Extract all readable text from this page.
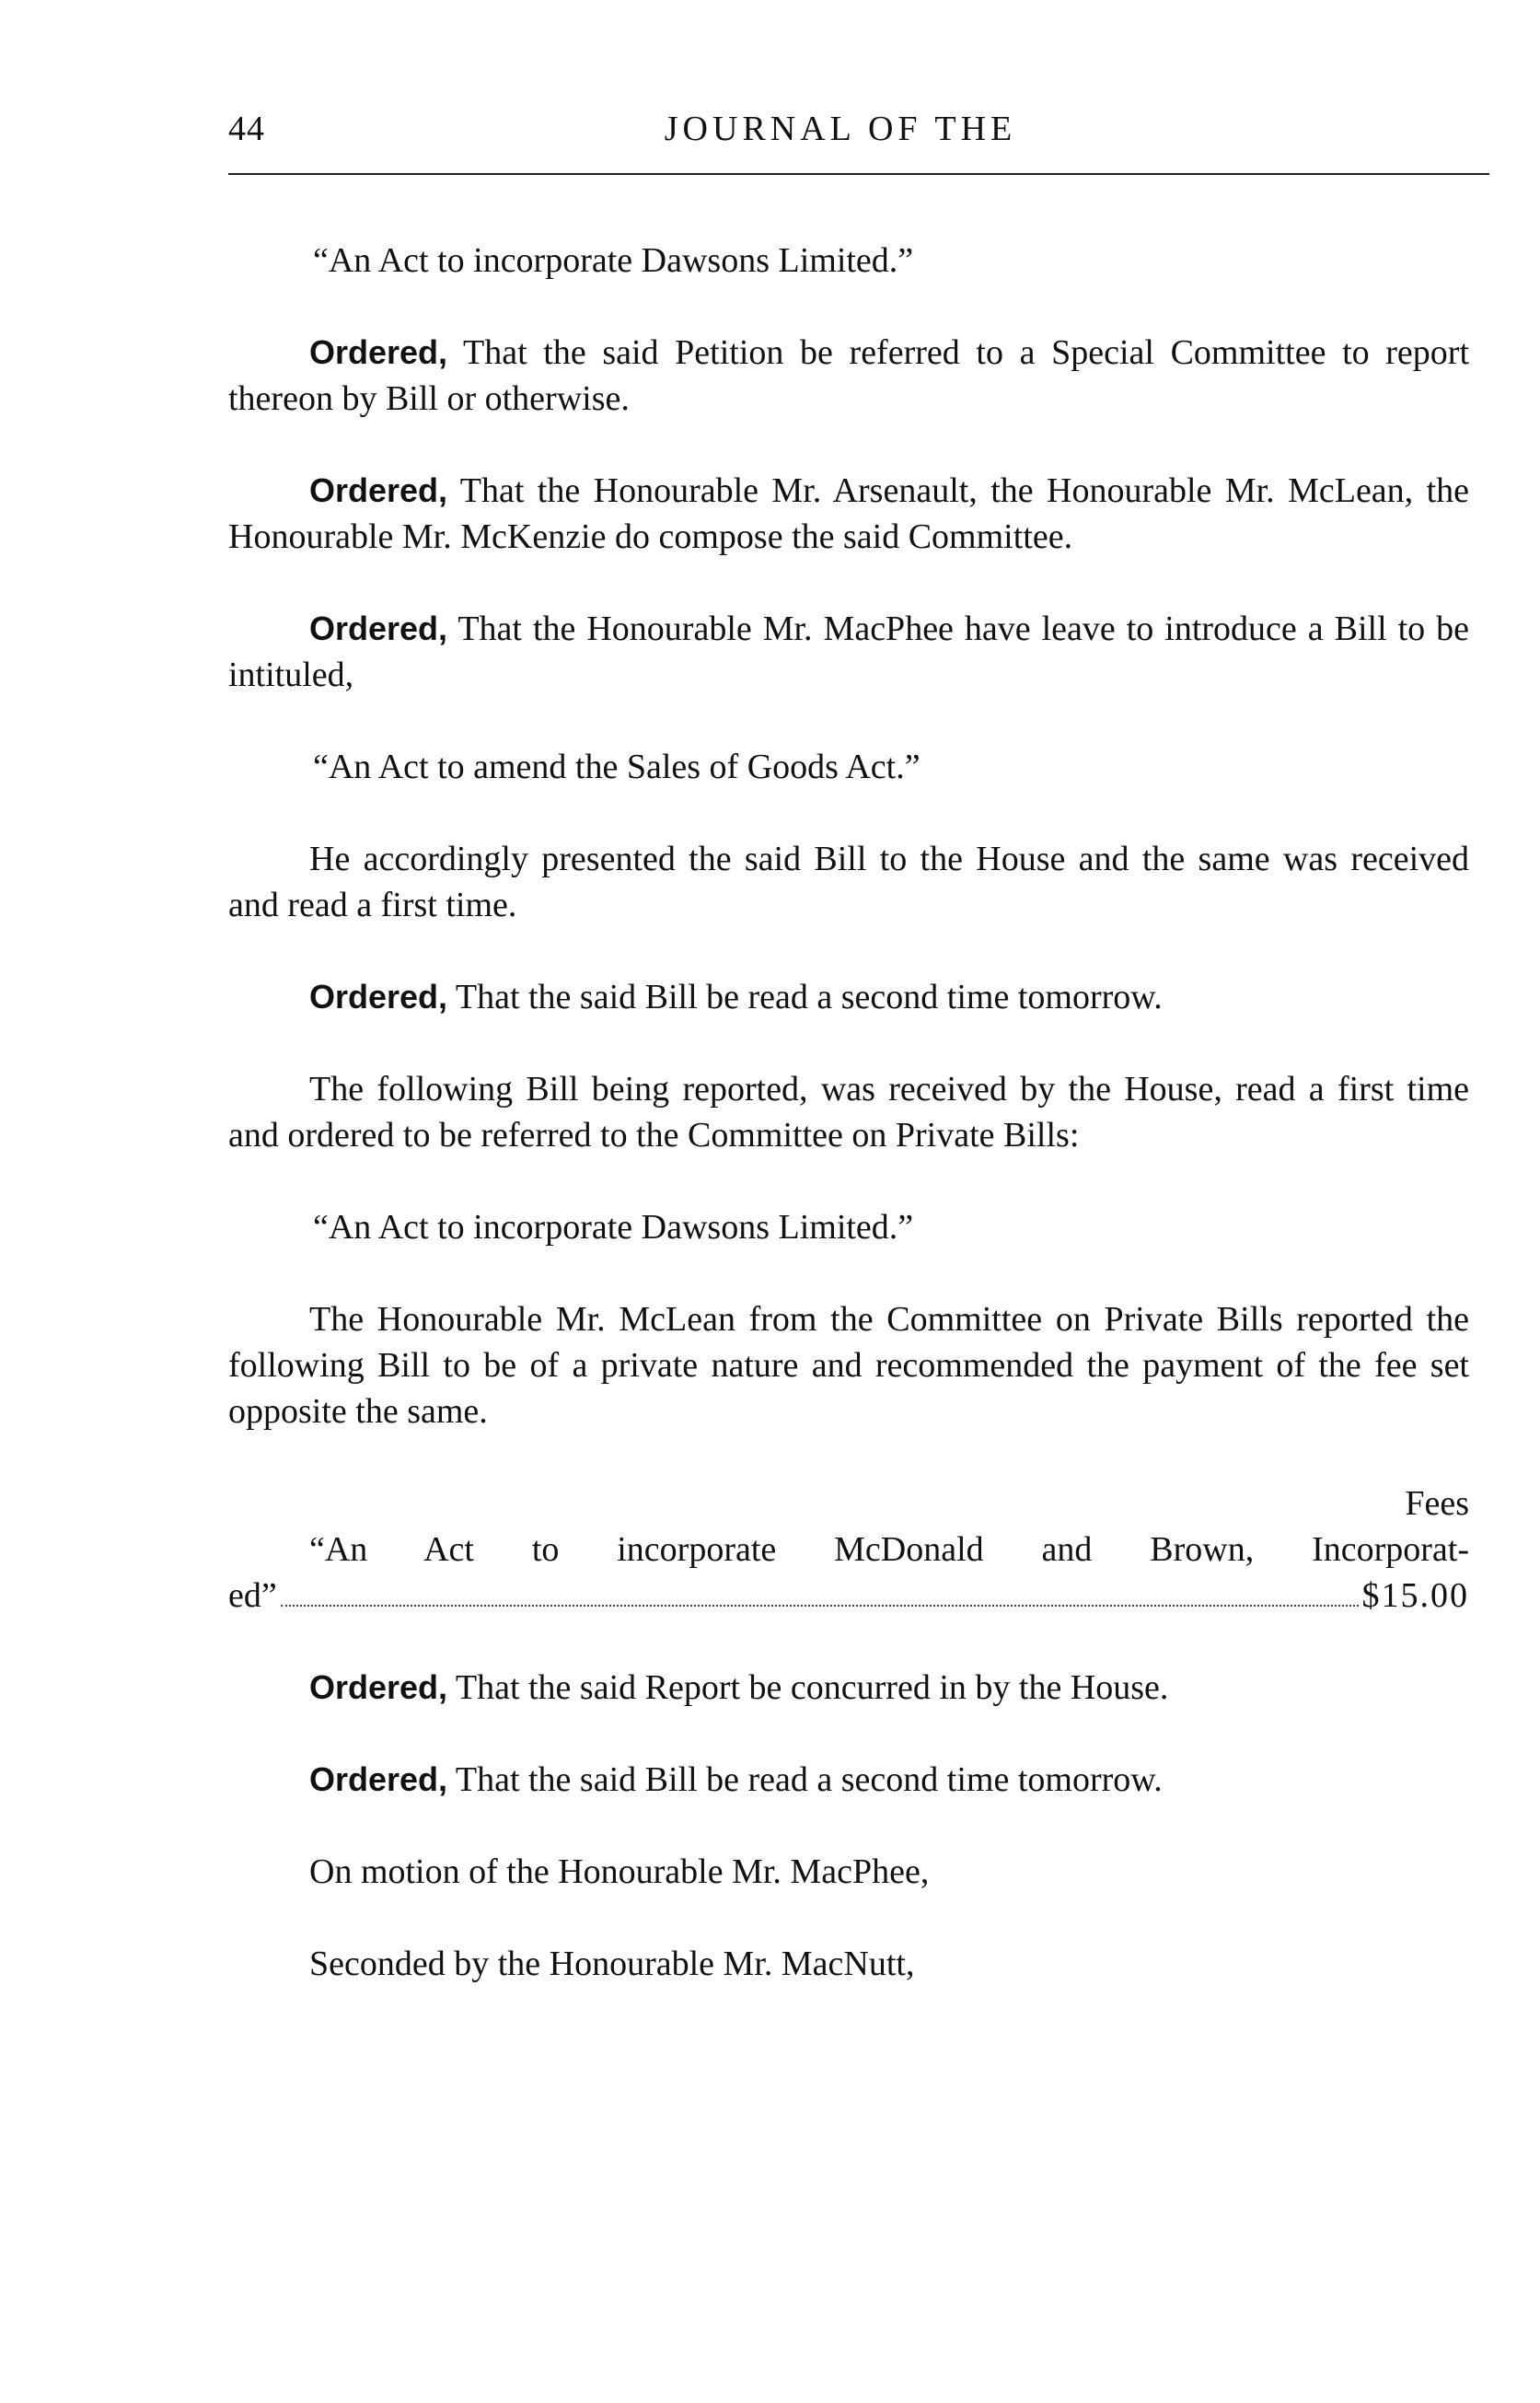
44	JOURNAL OF THE

“An Act to incorporate Dawsons Limited.”

Ordered, That the said Petition be referred to a Special Committee to report thereon by Bill or otherwise.

Ordered, That the Honourable Mr. Arsenault, the Honourable Mr. McLean, the Honourable Mr. McKenzie do compose the said Committee.

Ordered, That the Honourable Mr. MacPhee have leave to introduce a Bill to be intituled,

“An Act to amend the Sales of Goods Act.”

He accordingly presented the said Bill to the House and the same was received and read a first time.

Ordered, That the said Bill be read a second time tomorrow.

The following Bill being reported, was received by the House, read a first time and ordered to be referred to the Committee on Private Bills:

“An Act to incorporate Dawsons Limited.”

The Honourable Mr. McLean from the Committee on Private Bills reported the following Bill to be of a private nature and recommended the payment of the fee set opposite the same.

Fees
“An Act to incorporate McDonald and Brown, Incorporat-
ed”	$15.00

Ordered, That the said Report be concurred in by the House.

Ordered, That the said Bill be read a second time tomorrow.

On motion of the Honourable Mr. MacPhee,

Seconded by the Honourable Mr. MacNutt,
